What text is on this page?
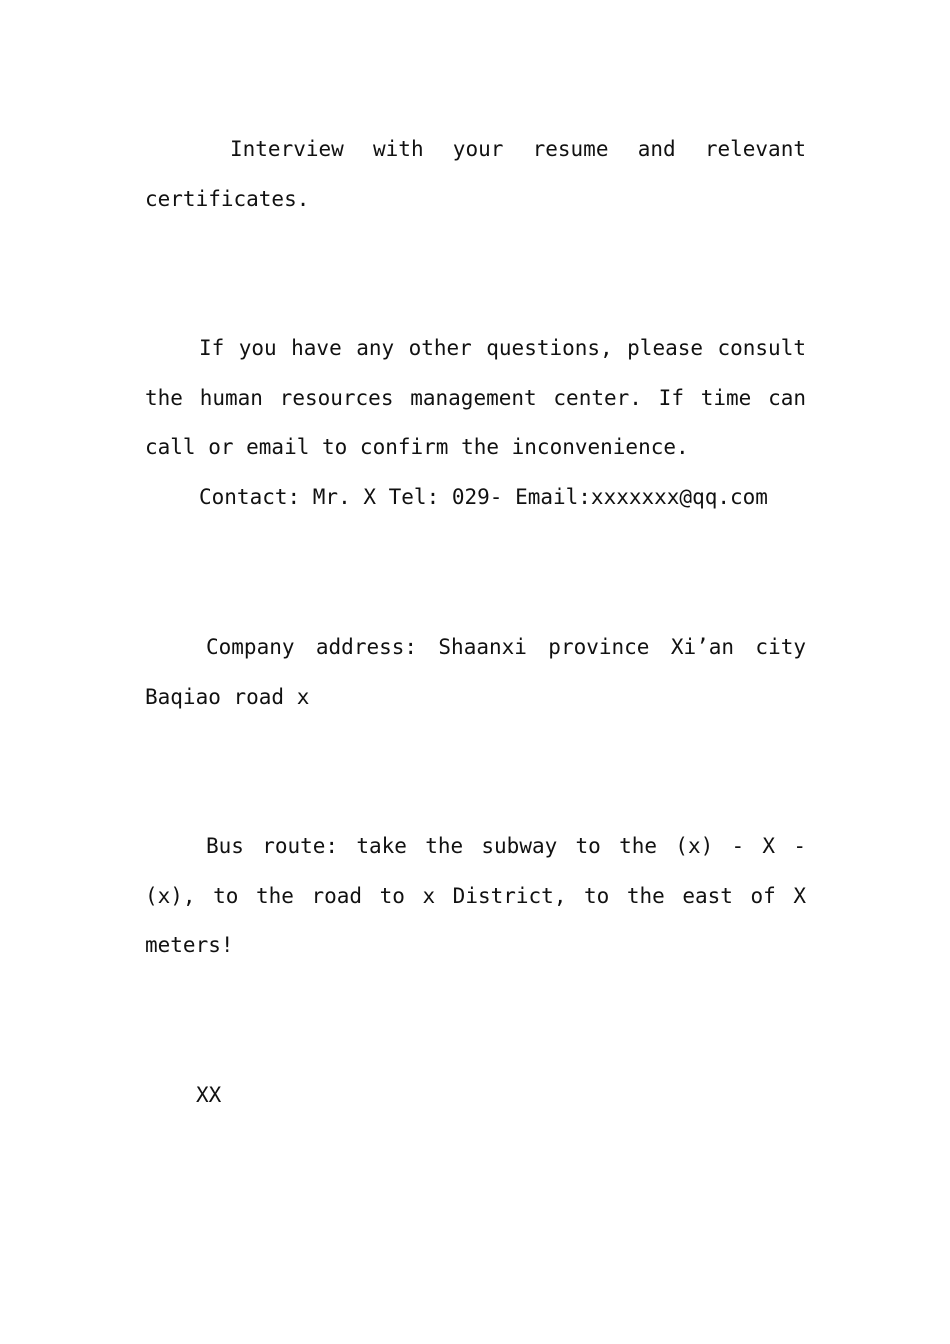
Interview with your resume and relevant certificates.

If you have any other questions, please consult the human resources management center. If time can call or email to confirm the inconvenience.
Contact: Mr. X Tel: 029- Email:xxxxxxx@qq.com

Company address: Shaanxi province Xi’an city Baqiao road x

Bus route: take the subway to the (x) - X - (x), to the road to x District, to the east of X meters!

XX
